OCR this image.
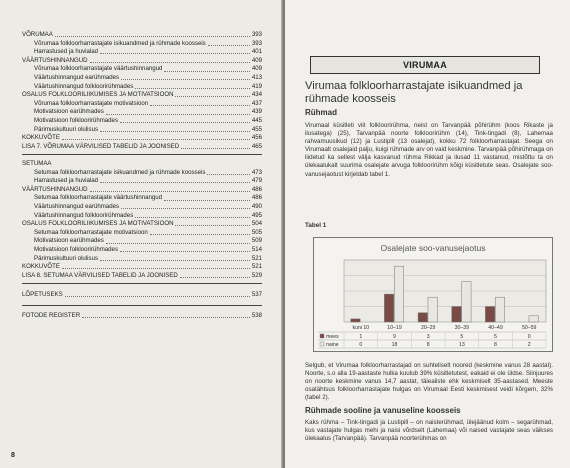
VÕRUMAA	393
Võrumaa folkloorharrastajate isikuandmed ja rühmade koosseis	393
Harrastused ja huvialad	401
VÄÄRTUSHINNANGUD	409
Võrumaa folkloorharrastajate väärtushinnangud	409
Väärtushinnangud earühmades	413
Väärtushinnangud folkloorirühmades	419
OSALUS FOLKLOORILIIKUMISES JA MOTIVATSIOON	434
Võrumaa folkloorharrastajate motivatsioon	437
Motivatsioon earühmades	439
Motivatsioon folkloorirühmades	445
Pärimuskultuuri olulisus	455
KOKKUVÕTE	456
LISA 7. VÕRUMAA VÄRVILISED TABELID JA JOONISED	465
SETUMAA
Setumaa folkloorharrastajate isikuandmed ja rühmade koosseis	473
Harrastused ja huvialad	479
VÄÄRTUSHINNANGUD	486
Setumaa folkloorharrastajate väärtushinnangud	486
Väärtushinnangud earühmades	490
Väärtushinnangud folkloorirühmades	495
OSALUS FOLKLOORILIIKUMISES JA MOTIVATSIOON	504
Setumaa folkloorharrastajate motivatsioon	505
Motivatsioon earühmades	509
Motivatsioon folkloorirühmades	514
Pärimuskultuuri olulisus	521
KOKKUVÕTE	521
LISA 8. SETUMAA VÄRVILISED TABELID JA JOONISED	529
LÕPETUSEKS	537
FOTODE REGISTER	538
8
VIRUMAA
Virumaa folkloorharrastajate isikuandmed ja rühmade koosseis
Rühmad
Virumaal küsitleti viit folkloorirühma, neist on Tarvanpää põhirühm (koos Rikaste ja ilusatega) (25), Tarvanpää noorte folkloorirühm (14), Tink-tingadi (8), Lahemaa rahvamuusikud (12) ja Lustipill (13 osalejat), kokku 72 folkloorharrastajat. Seega on Virumaalt osalejaid palju, kuigi rühmade arv on vaid keskmine. Tarvanpää põhirühmaga on liidetud ka sellest välja kasvanud rühma Rikkad ja ilusad 11 vastanud, mistõttu ta on ülekaalukalt suurima osalejate arvuga folkloorirühm kõigi küsitletute seas. Osalejate soo-vanusejaotust kirjeldab tabel 1.
Tabel 1
Osalejate soo-vanusejaotus
kuni 10	10–19	20–29	30–39	40–49	50–59
mees	1	9	3	5	5	0
naine	0	18	8	13	8	2
Selgub, et Virumaa folkloorharrastajad on suhteliselt noored (keskmine vanus 28 aastat). Noorte, s.o alla 19-aastaste hulka kuulub 39% küsitletutest, eakaid ei ole üldse. Siinjuures on noorte keskmine vanus 14,7 aastat, täiealiste ehk keskmiselt 35-aastased. Meeste osatähtsus folkloorharrastajate hulgas on Virumaal Eesti keskmisest veidi kõrgem, 32% (tabel 2).
Rühmade sooline ja vanuseline koosseis
Kaks rühma – Tink-tingadi ja Lustipill – on naisterühmad, ülejäänud kolm – segarühmad, kus vastajate hulgas mehi ja naisi võrdselt (Lahemaa) või naised vastajate seas väikses ülekaalus (Tarvanpää). Tarvanpää noorterühmas on
